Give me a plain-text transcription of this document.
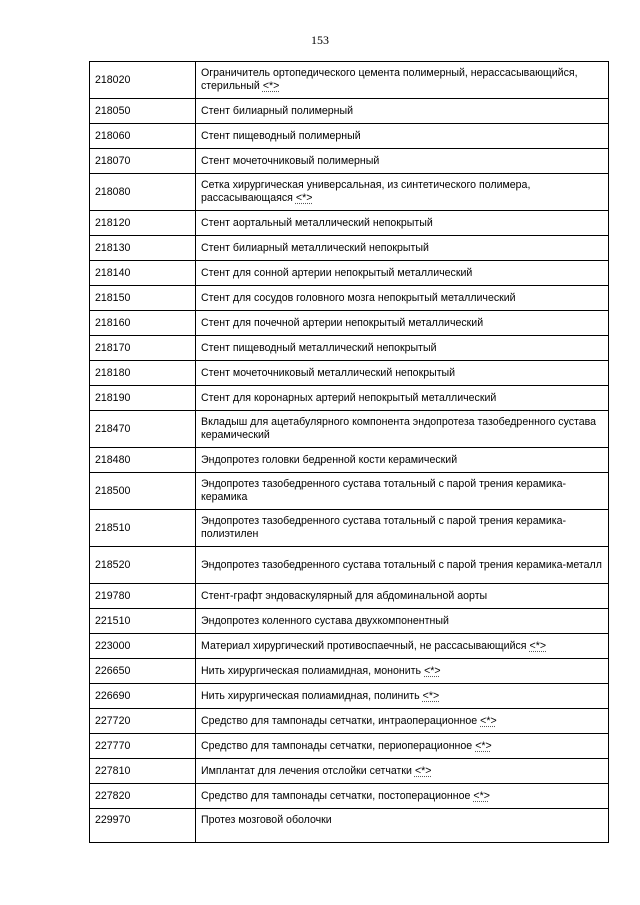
153
218020	Ограничитель ортопедического цемента полимерный, нерассасывающийся, стерильный <*>
218050	Стент билиарный полимерный
218060	Стент пищеводный полимерный
218070	Стент мочеточниковый полимерный
218080	Сетка хирургическая универсальная, из синтетического полимера, рассасывающаяся <*>
218120	Стент аортальный металлический непокрытый
218130	Стент билиарный металлический непокрытый
218140	Стент для сонной артерии непокрытый металлический
218150	Стент для сосудов головного мозга непокрытый металлический
218160	Стент для почечной артерии непокрытый металлический
218170	Стент пищеводный металлический непокрытый
218180	Стент мочеточниковый металлический непокрытый
218190	Стент для коронарных артерий непокрытый металлический
218470	Вкладыш для ацетабулярного компонента эндопротеза тазобедренного сустава керамический
218480	Эндопротез головки бедренной кости керамический
218500	Эндопротез тазобедренного сустава тотальный с парой трения керамика-керамика
218510	Эндопротез тазобедренного сустава тотальный с парой трения керамика-полиэтилен
218520	Эндопротез тазобедренного сустава тотальный с парой трения керамика-металл
219780	Стент-графт эндоваскулярный для абдоминальной аорты
221510	Эндопротез коленного сустава двухкомпонентный
223000	Материал хирургический противоспаечный, не рассасывающийся <*>
226650	Нить хирургическая полиамидная, мононить <*>
226690	Нить хирургическая полиамидная, полинить <*>
227720	Средство для тампонады сетчатки, интраоперационное <*>
227770	Средство для тампонады сетчатки, периоперационное <*>
227810	Имплантат для лечения отслойки сетчатки <*>
227820	Средство для тампонады сетчатки, постоперационное <*>
229970	Протез мозговой оболочки
